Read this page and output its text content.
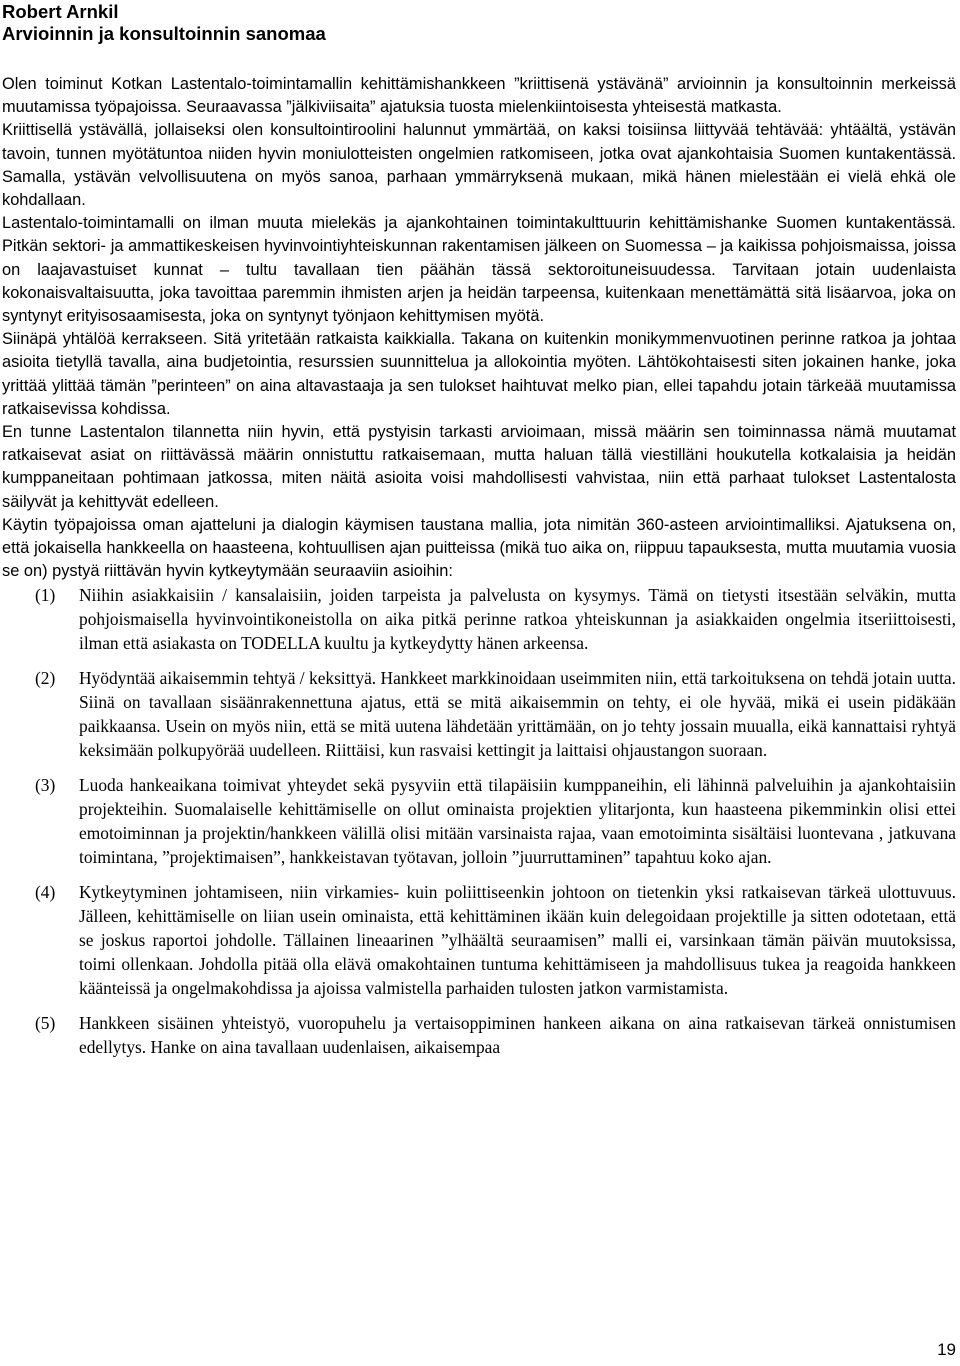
Robert Arnkil

Arvioinnin ja konsultoinnin sanomaa

Olen toiminut Kotkan Lastentalo-toimintamallin kehittämishankkeen ”kriittisenä ystävänä” arvioinnin ja konsultoinnin merkeissä muutamissa työpajoissa. Seuraavassa ”jälkiviisaita” ajatuksia tuosta mielenkiintoisesta yhteisestä matkasta.

Kriittisellä ystävällä, jollaiseksi olen konsultointiroolini halunnut ymmärtää, on kaksi toisiinsa liittyvää tehtävää: yhtäältä, ystävän tavoin, tunnen myötätuntoa niiden hyvin moniulotteisten ongelmien ratkomiseen, jotka ovat ajankohtaisia Suomen kuntakentässä. Samalla, ystävän velvollisuutena on myös sanoa, parhaan ymmärryksenä mukaan, mikä hänen mielestään ei vielä ehkä ole kohdallaan.

Lastentalo-toimintamalli on ilman muuta mielekäs ja ajankohtainen toimintakulttuurin kehittämishanke Suomen kuntakentässä. Pitkän sektori- ja ammattikeskeisen hyvinvointiyhteiskunnan rakentamisen jälkeen on Suomessa – ja kaikissa pohjoismaissa, joissa on laajavastuiset kunnat – tultu tavallaan tien päähän tässä sektoroituneisuudessa. Tarvitaan jotain uudenlaista kokonaisvaltaisuutta, joka tavoittaa paremmin ihmisten arjen ja heidän tarpeensa, kuitenkaan menettämättä sitä lisäarvoa, joka on syntynyt erityisosaamisesta, joka on syntynyt työnjaon kehittymisen myötä.

Siinäpä yhtälöä kerrakseen. Sitä yritetään ratkaista kaikkialla. Takana on kuitenkin monikymmenvuotinen perinne ratkoa ja johtaa asioita tietyllä tavalla, aina budjetointia, resurssien suunnittelua ja allokointia myöten. Lähtökohtaisesti siten jokainen hanke, joka yrittää ylittää tämän ”perinteen” on aina altavastaaja ja sen tulokset haihtuvat melko pian, ellei tapahdu jotain tärkeää muutamissa ratkaisevissa kohdissa.

En tunne Lastentalon tilannetta niin hyvin, että pystyisin tarkasti arvioimaan, missä määrin sen toiminnassa nämä muutamat ratkaisevat asiat on riittävässä määrin onnistuttu ratkaisemaan, mutta haluan tällä viestilläni houkutella kotkalaisia ja heidän kumppaneitaan pohtimaan jatkossa, miten näitä asioita voisi mahdollisesti vahvistaa, niin että parhaat tulokset Lastentalosta säilyvät ja kehittyvät edelleen.

Käytin työpajoissa oman ajatteluni ja dialogin käymisen taustana mallia, jota nimitän 360-asteen arviointimalliksi. Ajatuksena on, että jokaisella hankkeella on haasteena, kohtuullisen ajan puitteissa (mikä tuo aika on, riippuu tapauksesta, mutta muutamia vuosia se on) pystyä riittävän hyvin kytkeytymään seuraaviin asioihin:

(1)	Niihin asiakkaisiin / kansalaisiin, joiden tarpeista ja palvelusta on kysymys. Tämä on tietysti itsestään selväkin, mutta pohjoismaisella hyvinvointikoneistolla on aika pitkä perinne ratkoa yhteiskunnan ja asiakkaiden ongelmia itseriittoisesti, ilman että asiakasta on TODELLA kuultu ja kytkeydytty hänen arkeensa.
(2)	Hyödyntää aikaisemmin tehtyä / keksittyä. Hankkeet markkinoidaan useimmiten niin, että tarkoituksena on tehdä jotain uutta. Siinä on tavallaan sisäänrakennettuna ajatus, että se mitä aikaisemmin on tehty, ei ole hyvää, mikä ei usein pidäkään paikkaansa. Usein on myös niin, että se mitä uutena lähdetään yrittämään, on jo tehty jossain muualla, eikä kannattaisi ryhtyä keksimään polkupyörää uudelleen. Riittäisi, kun rasvaisi kettingit ja laittaisi ohjaustangon suoraan.
(3)	Luoda hankeaikana toimivat yhteydet sekä pysyviin että tilapäisiin kumppaneihin, eli lähinnä palveluihin ja ajankohtaisiin projekteihin. Suomalaiselle kehittämiselle on ollut ominaista projektien ylitarjonta, kun haasteena pikemminkin olisi ettei emotoiminnan ja projektin/hankkeen välillä olisi mitään varsinaista rajaa, vaan emotoiminta sisältäisi luontevana , jatkuvana toimintana, ”projektimaisen”, hankkeistavan työtavan, jolloin ”juurruttaminen” tapahtuu koko ajan.
(4)	Kytkeytyminen johtamiseen, niin virkamies- kuin poliittiseenkin johtoon on tietenkin yksi ratkaisevan tärkeä ulottuvuus. Jälleen, kehittämiselle on liian usein ominaista, että kehittäminen ikään kuin delegoidaan projektille ja sitten odotetaan, että se joskus raportoi johdolle. Tällainen lineaarinen ”ylhäältä seuraamisen” malli ei, varsinkaan tämän päivän muutoksissa, toimi ollenkaan. Johdolla pitää olla elävä omakohtainen tuntuma kehittämiseen ja mahdollisuus tukea ja reagoida hankkeen käänteissä ja ongelmakohdissa ja ajoissa valmistella parhaiden tulosten jatkon varmistamista.
(5)	Hankkeen sisäinen yhteistyö, vuoropuhelu ja vertaisoppiminen hankeen aikana on aina ratkaisevan tärkeä onnistumisen edellytys. Hanke on aina tavallaan uudenlaisen, aikaisempaa
19
